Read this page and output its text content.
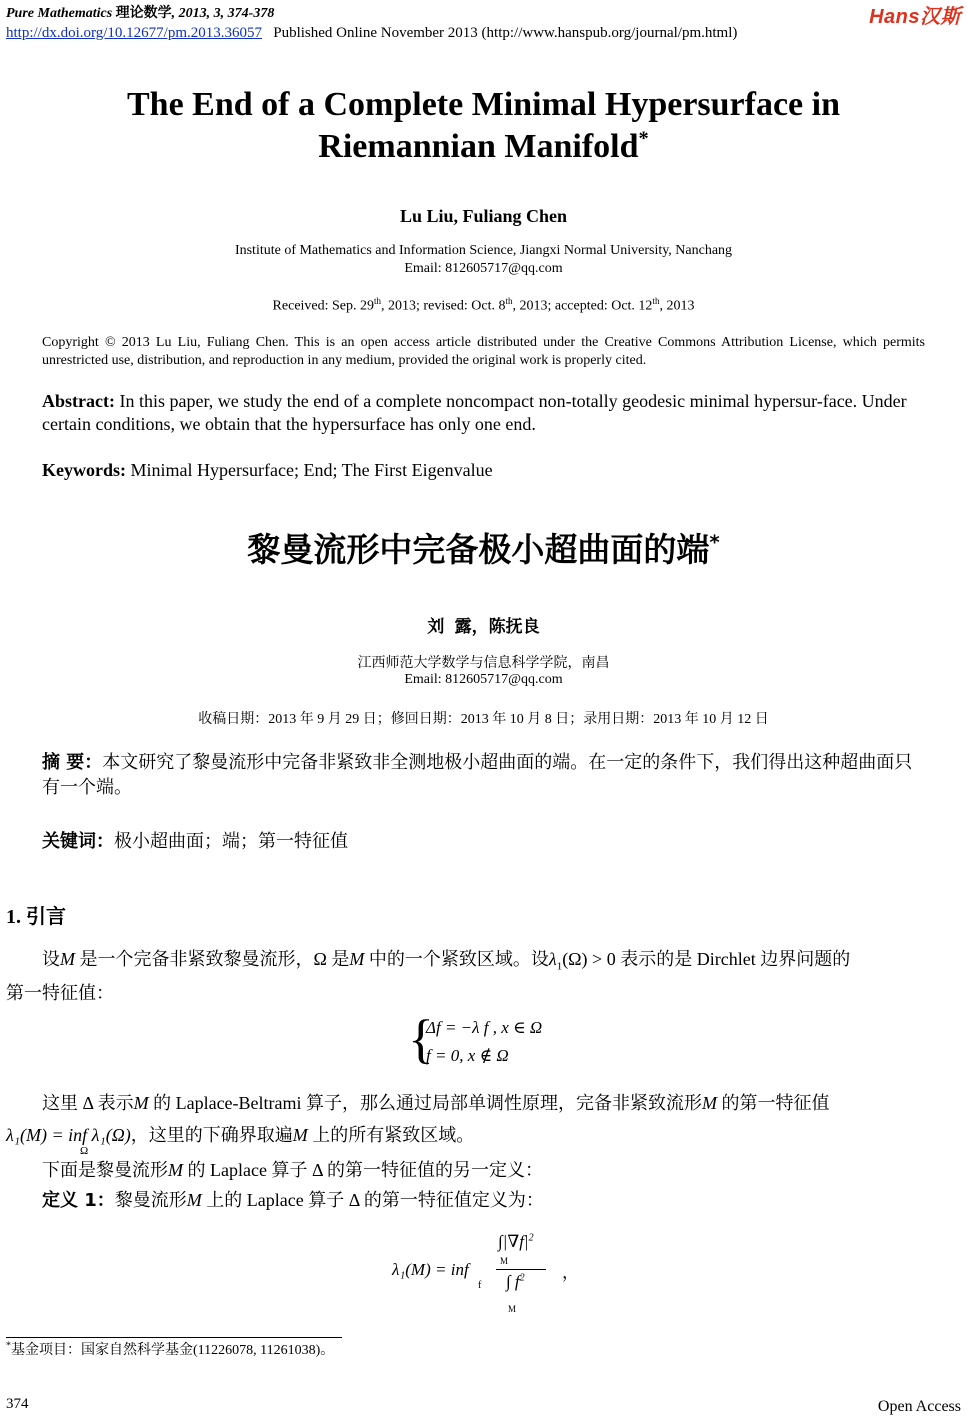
Pure Mathematics 理论数学, 2013, 3, 374-378	Hans汉斯
http://dx.doi.org/10.12677/pm.2013.36057 Published Online November 2013 (http://www.hanspub.org/journal/pm.html)
The End of a Complete Minimal Hypersurface in
Riemannian Manifold*
Lu Liu, Fuliang Chen
Institute of Mathematics and Information Science, Jiangxi Normal University, Nanchang
Email: 812605717@qq.com
Received: Sep. 29th, 2013; revised: Oct. 8th, 2013; accepted: Oct. 12th, 2013
Copyright © 2013 Lu Liu, Fuliang Chen. This is an open access article distributed under the Creative Commons Attribution License, which permits unrestricted use, distribution, and reproduction in any medium, provided the original work is properly cited.
Abstract: In this paper, we study the end of a complete noncompact non-totally geodesic minimal hypersur-face. Under certain conditions, we obtain that the hypersurface has only one end.
Keywords: Minimal Hypersurface; End; The First Eigenvalue
黎曼流形中完备极小超曲面的端*
刘 露，陈抚良
江西师范大学数学与信息科学学院，南昌
Email: 812605717@qq.com
收稿日期：2013 年 9 月 29 日；修回日期：2013 年 10 月 8 日；录用日期：2013 年 10 月 12 日
摘 要：本文研究了黎曼流形中完备非紧致非全测地极小超曲面的端。在一定的条件下，我们得出这种超曲面只有一个端。
关键词：极小超曲面；端；第一特征值
1. 引言
设M 是一个完备非紧致黎曼流形，Ω 是M 中的一个紧致区域。设$\lambda_1(\Omega) > 0$ 表示的是 Dirchlet 边界问题的
第一特征值：
{
Δf = −λ f , x ∈ Ω
f = 0, x ∉ Ω
这里 Δ 表示M 的 Laplace-Beltrami 算子，那么通过局部单调性原理，完备非紧致流形M 的第一特征值
λ₁(M) = inf λ₁(Ω)，这里的下确界取遍M 上的所有紧致区域。
Ω
下面是黎曼流形M 的 Laplace 算子 Δ 的第一特征值的另一定义：
定义 1：黎曼流形M 上的 Laplace 算子 Δ 的第一特征值定义为：
λ₁(M) = inf
f
$\int|\nabla f|^2$
M
∫ $f^2$
M
，
*基金项目：国家自然科学基金(11226078, 11261038)。
374	Open Access
